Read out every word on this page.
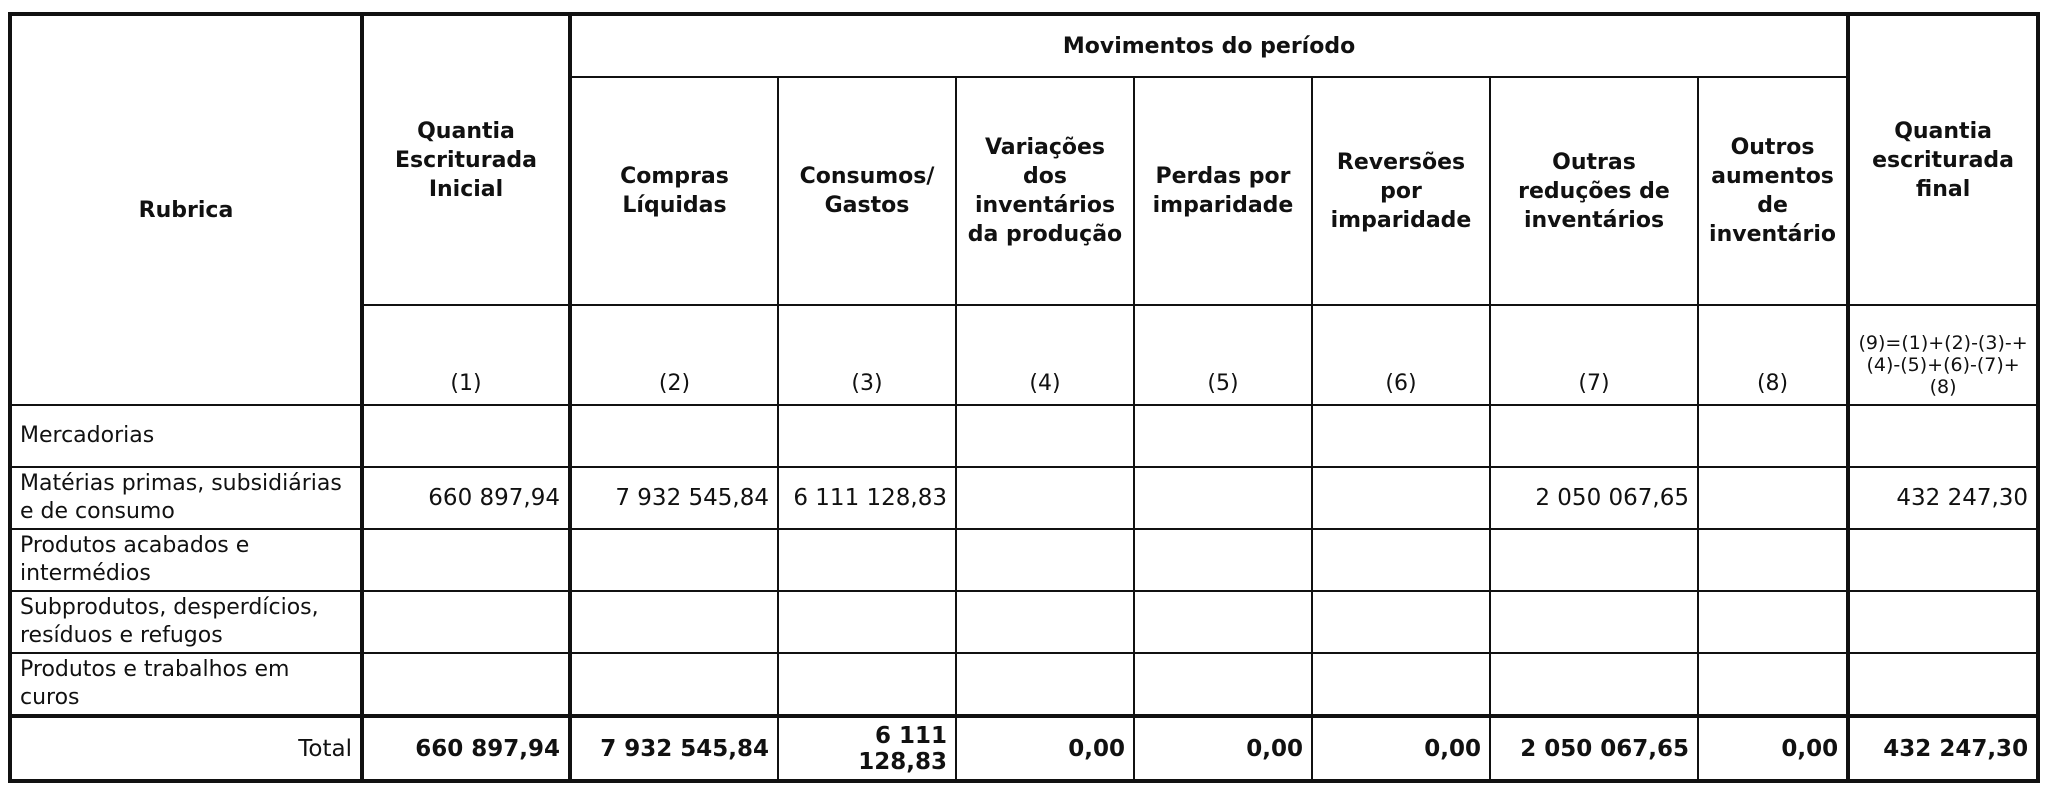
Rubrica	Quantia Escriturada Inicial	Movimentos do período							Quantia escriturada final
		Compras Líquidas	Consumos/ Gastos	Variações dos inventários da produção	Perdas por imparidade	Reversões por imparidade	Outras reduções de inventários	Outros aumentos de inventário	
	(1)	(2)	(3)	(4)	(5)	(6)	(7)	(8)	(9)=(1)+(2)-(3)-+(4)-(5)+(6)-(7)+(8)
Mercadorias									
Matérias primas, subsidiárias e de consumo	660 897,94	7 932 545,84	6 111 128,83				2 050 067,65		432 247,30
Produtos acabados e intermédios									
Subprodutos, desperdícios, resíduos e refugos									
Produtos e trabalhos em curos									
Total	660 897,94	7 932 545,84	6 111 128,83	0,00	0,00	0,00	2 050 067,65	0,00	432 247,30
